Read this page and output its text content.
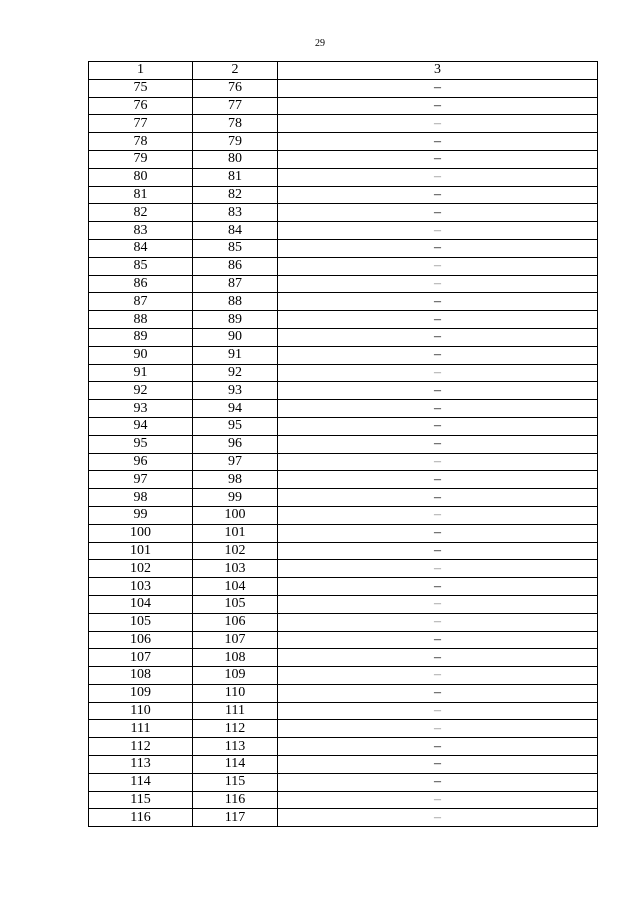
29
1	2	3
75	76	–
76	77	–
77	78	–
78	79	–
79	80	–
80	81	–
81	82	–
82	83	–
83	84	–
84	85	–
85	86	–
86	87	–
87	88	–
88	89	–
89	90	–
90	91	–
91	92	–
92	93	–
93	94	–
94	95	–
95	96	–
96	97	–
97	98	–
98	99	–
99	100	–
100	101	–
101	102	–
102	103	–
103	104	–
104	105	–
105	106	–
106	107	–
107	108	–
108	109	–
109	110	–
110	111	–
111	112	–
112	113	–
113	114	–
114	115	–
115	116	–
116	117	–
